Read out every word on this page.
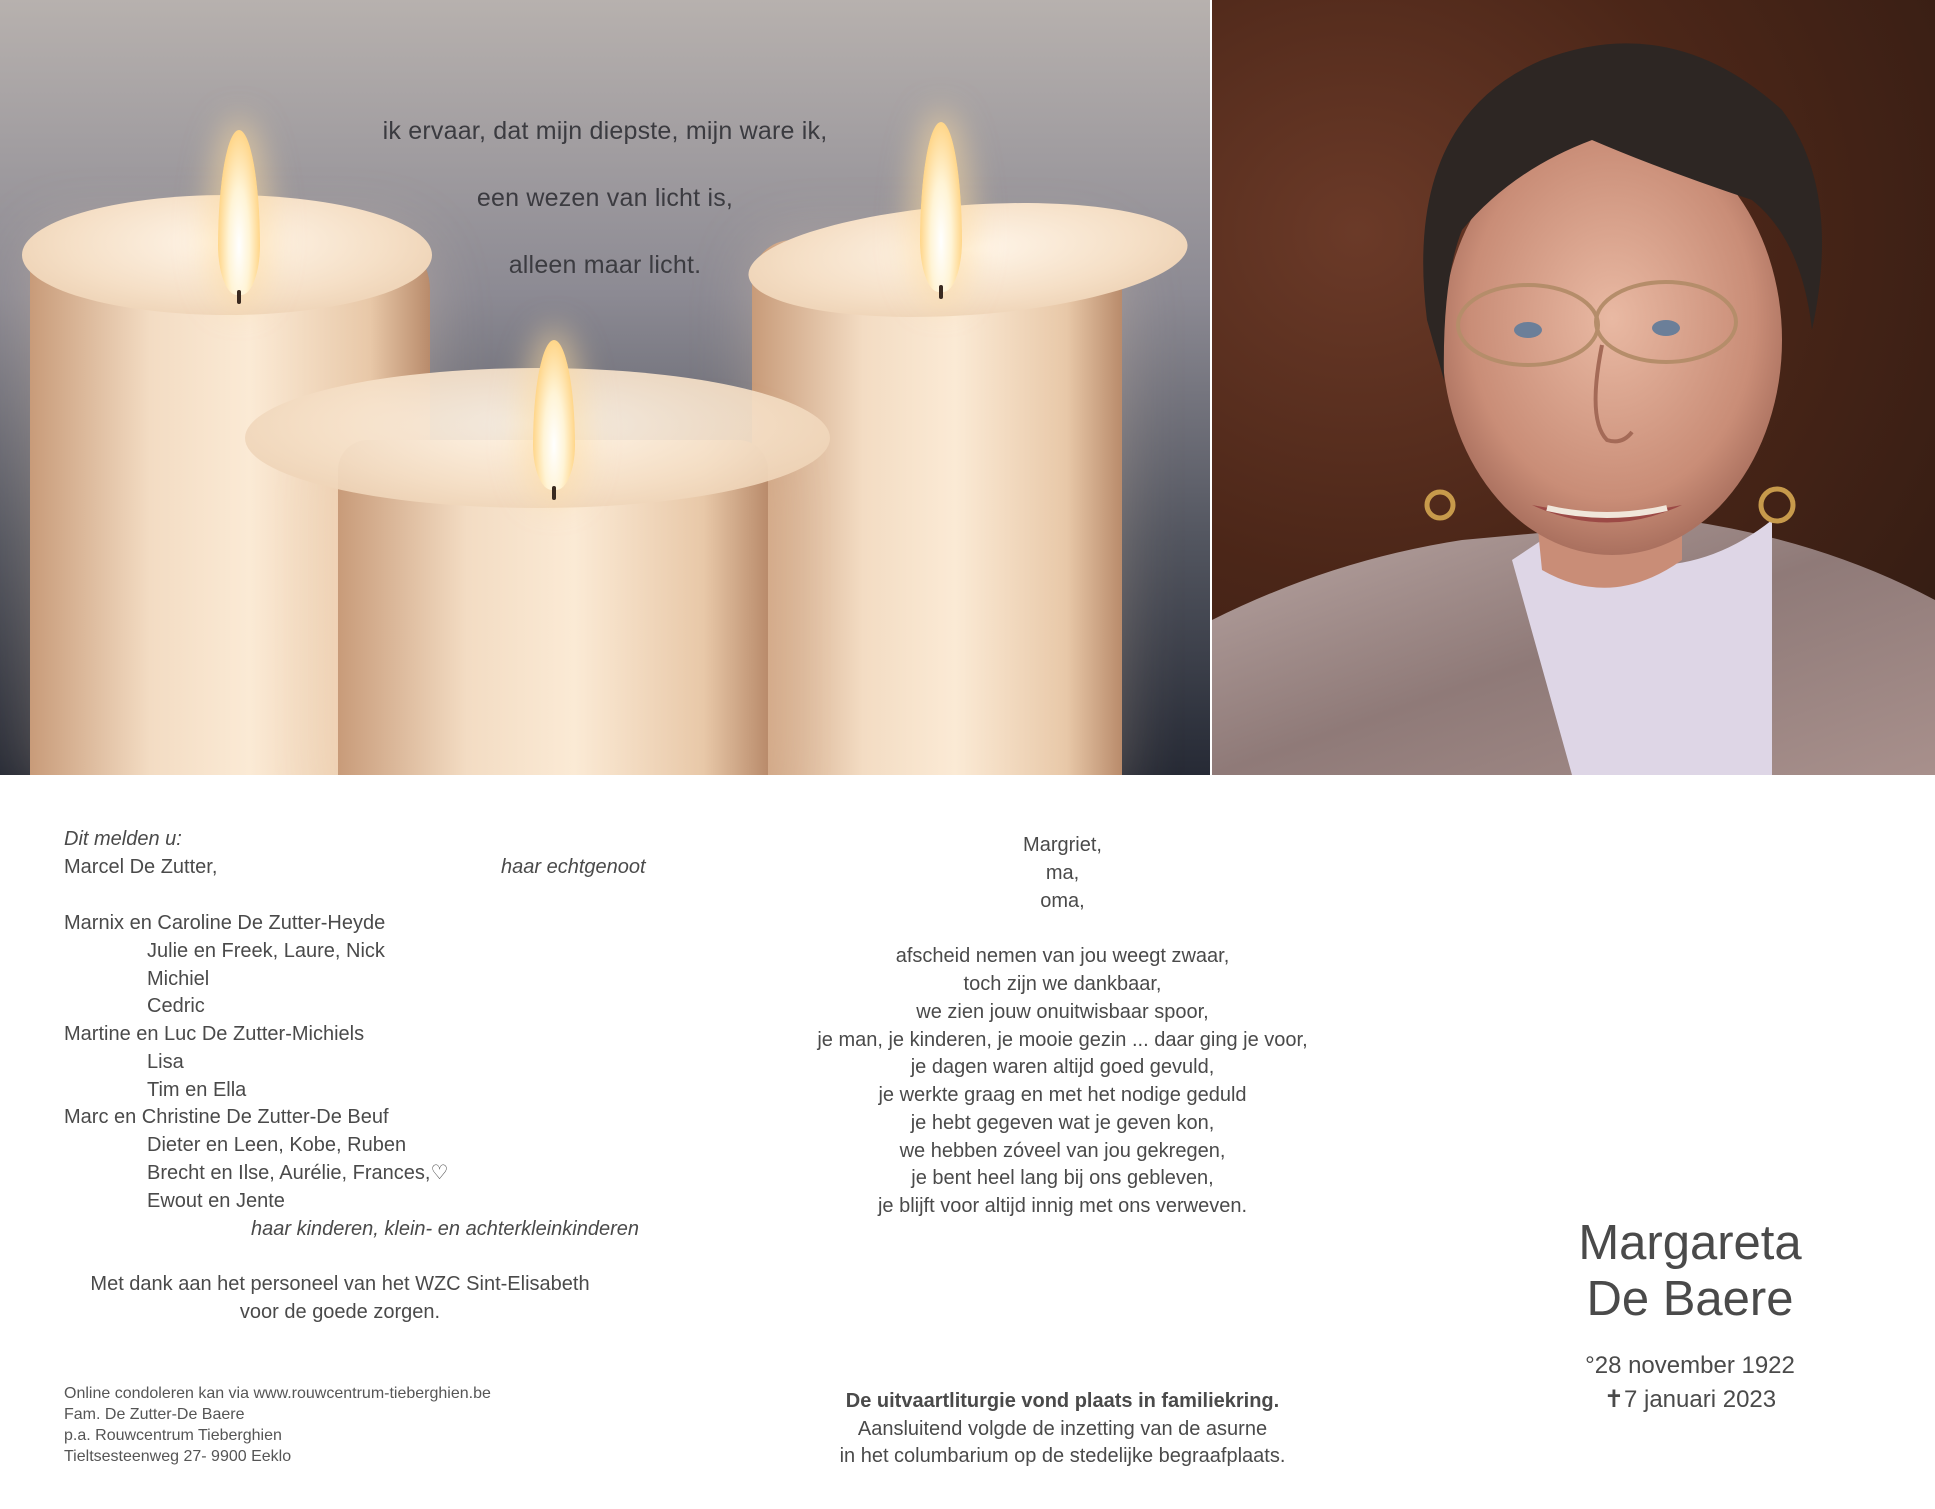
ik ervaar, dat mijn diepste, mijn ware ik,
een wezen van licht is,
alleen maar licht.
Dit melden u:
Marcel De Zutter,	haar echtgenoot
Marnix en Caroline De Zutter-Heyde
Julie en Freek, Laure, Nick
Michiel
Cedric
Martine en Luc De Zutter-Michiels
Lisa
Tim en Ella
Marc en Christine De Zutter-De Beuf
Dieter en Leen, Kobe, Ruben
Brecht en Ilse, Aurélie, Frances,♡
Ewout en Jente
haar kinderen, klein- en achterkleinkinderen
Met dank aan het personeel van het WZC Sint-Elisabeth
voor de goede zorgen.
Online condoleren kan via www.rouwcentrum-tieberghien.be
Fam. De Zutter-De Baere
p.a. Rouwcentrum Tieberghien
Tieltsesteenweg 27- 9900 Eeklo
Margriet,
ma,
oma,
afscheid nemen van jou weegt zwaar,
toch zijn we dankbaar,
we zien jouw onuitwisbaar spoor,
je man, je kinderen, je mooie gezin ... daar ging je voor,
je dagen waren altijd goed gevuld,
je werkte graag en met het nodige geduld
je hebt gegeven wat je geven kon,
we hebben zóveel van jou gekregen,
je bent heel lang bij ons gebleven,
je blijft voor altijd innig met ons verweven.
De uitvaartliturgie vond plaats in familiekring.
Aansluitend volgde de inzetting van de asurne
in het columbarium op de stedelijke begraafplaats.
Margareta
De Baere
°28 november 1922
✝7 januari 2023
